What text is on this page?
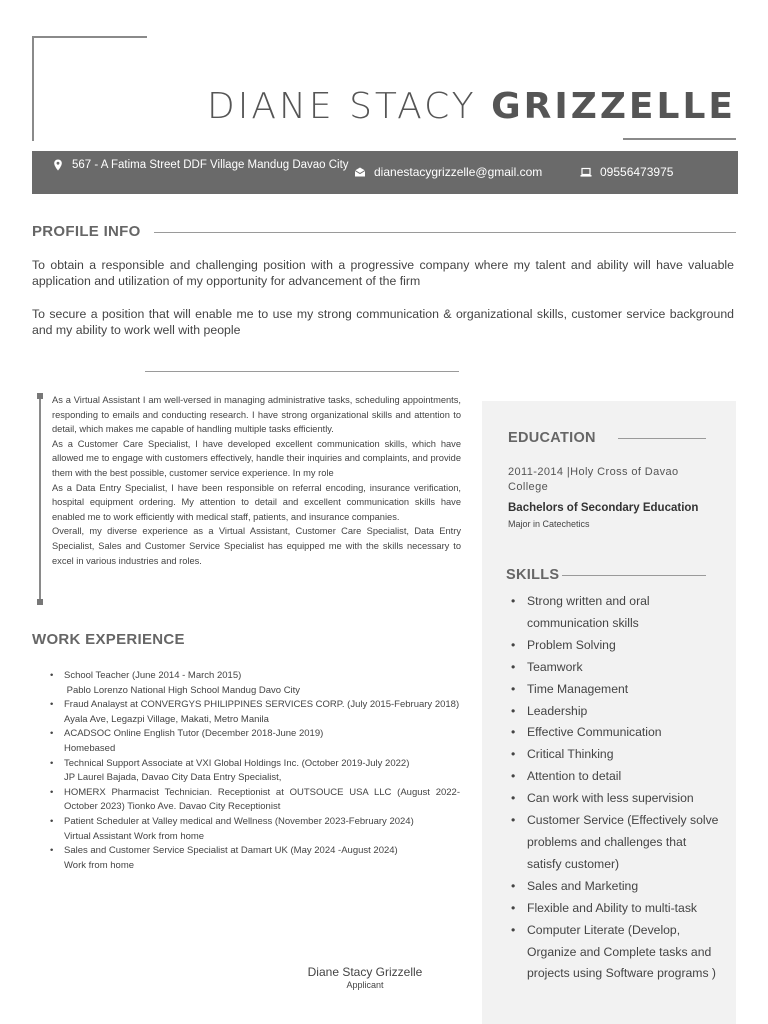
DIANE STACY GRIZZELLE
567 - A Fatima Street DDF Village Mandug Davao City dianestacygrizzelle@gmail.com	09556473975
PROFILE INFO

To obtain a responsible and challenging position with a progressive company where my talent and ability will have valuable application and utilization of my opportunity for advancement of the firm

To secure a position that will enable me to use my strong communication & organizational skills, customer service background and my ability to work well with people

As a Virtual Assistant I am well-versed in managing administrative tasks, scheduling appointments, responding to emails and conducting research. I have strong organizational skills and attention to detail, which makes me capable of handling multiple tasks efficiently.

As a Customer Care Specialist, I have developed excellent communication skills, which have allowed me to engage with customers effectively, handle their inquiries and complaints, and provide them with the best possible, customer service experience. In my role

As a Data Entry Specialist, I have been responsible on referral encoding, insurance verification, hospital equipment ordering. My attention to detail and excellent communication skills have enabled me to work efficiently with medical staff, patients, and insurance companies.

Overall, my diverse experience as a Virtual Assistant, Customer Care Specialist, Data Entry Specialist, Sales and Customer Service Specialist has equipped me with the skills necessary to excel in various industries and roles.

WORK EXPERIENCE
• School Teacher (June 2014 - March 2015)
Pablo Lorenzo National High School Mandug Davo City
• Fraud Analayst at CONVERGYS PHILIPPINES SERVICES CORP. (July 2015-February 2018)
Ayala Ave, Legazpi Village, Makati, Metro Manila
• ACADSOC Online English Tutor (December 2018-June 2019)
Homebased
• Technical Support Associate at VXI Global Holdings Inc. (October 2019-July 2022)
JP Laurel Bajada, Davao City Data Entry Specialist,
• HOMERX Pharmacist Technician. Receptionist at OUTSOUCE USA LLC (August 2022-October 2023) Tionko Ave. Davao City Receptionist
• Patient Scheduler at Valley medical and Wellness (November 2023-February 2024)
Virtual Assistant Work from home
• Sales and Customer Service Specialist at Damart UK (May 2024 -August 2024)
Work from home
Diane Stacy Grizzelle
Applicant
EDUCATION
2011-2014 |Holy Cross of Davao College
Bachelors of Secondary Education
Major in Catechetics
SKILLS
• Strong written and oral communication skills
• Problem Solving
• Teamwork
• Time Management
• Leadership
• Effective Communication
• Critical Thinking
• Attention to detail
• Can work with less supervision
• Customer Service (Effectively solve problems and challenges that satisfy customer)
• Sales and Marketing
• Flexible and Ability to multi-task
• Computer Literate (Develop, Organize and Complete tasks and projects using Software programs )
